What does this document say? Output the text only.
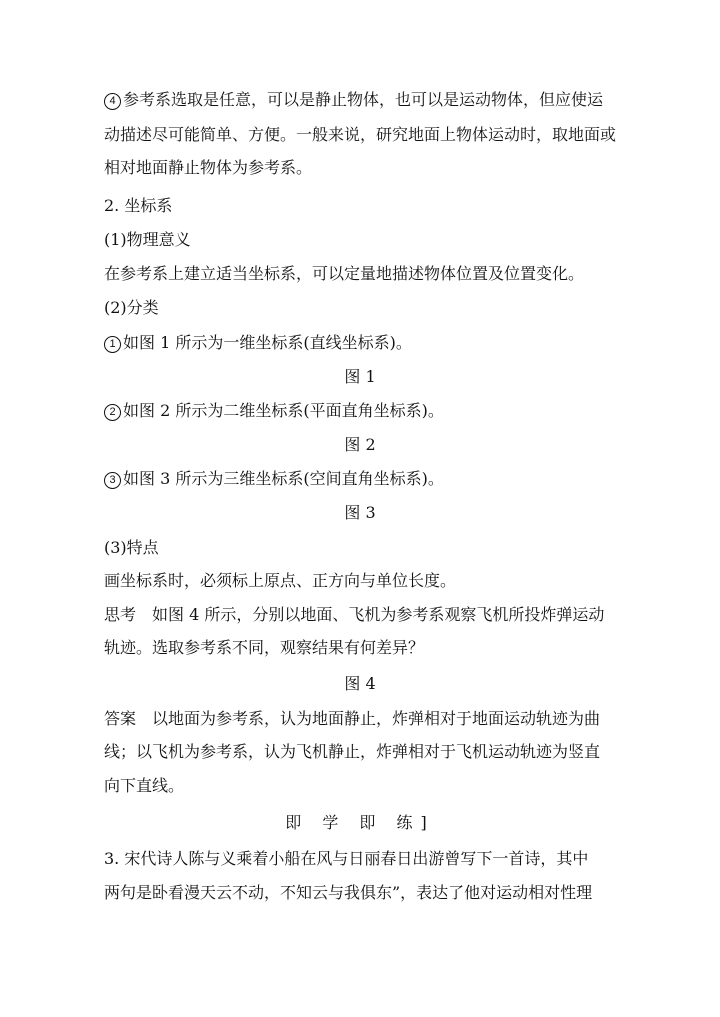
4 参考系选取是任意，可以是静止物体，也可以是运动物体，但应使运
动描述尽可能简单、方便。一般来说，研究地面上物体运动时，取地面或
相对地面静止物体为参考系。
2. 坐标系
(1)物理意义
在参考系上建立适当坐标系，可以定量地描述物体位置及位置变化。
(2)分类
1 如图 1 所示为一维坐标系(直线坐标系)。
图 1
2 如图 2 所示为二维坐标系(平面直角坐标系)。
图 2
3 如图 3 所示为三维坐标系(空间直角坐标系)。
图 3
(3)特点
画坐标系时，必须标上原点、正方向与单位长度。
思考　如图 4 所示，分别以地面、飞机为参考系观察飞机所投炸弹运动
轨迹。选取参考系不同，观察结果有何差异？
图 4
答案　以地面为参考系，认为地面静止，炸弹相对于地面运动轨迹为曲
线；以飞机为参考系，认为飞机静止，炸弹相对于飞机运动轨迹为竖直
向下直线。
即 学 即 练]
3. 宋代诗人陈与义乘着小船在风与日丽春日出游曾写下一首诗，其中
两句是卧看漫天云不动，不知云与我俱东”，表达了他对运动相对性理
